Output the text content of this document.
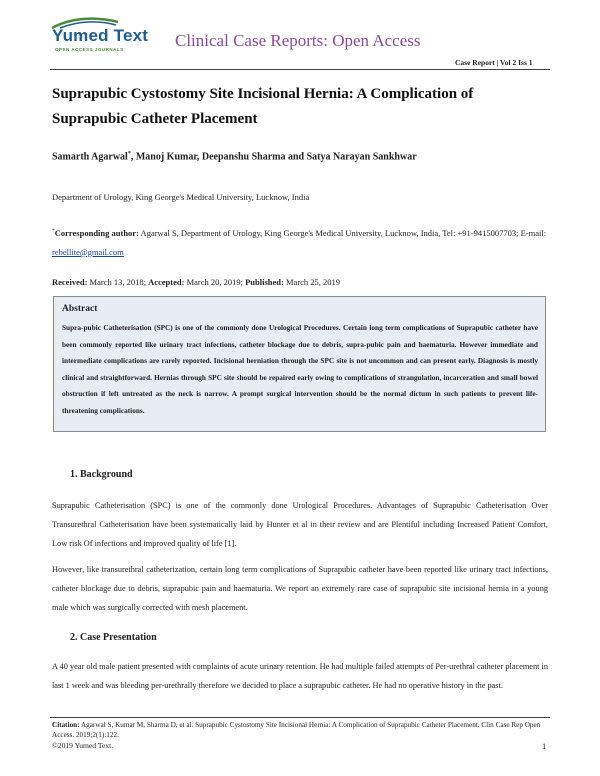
Yumed Text
OPEN ACCESS JOURNALS	Clinical Case Reports: Open Access
Case Report | Vol 2 Iss 1
Suprapubic Cystostomy Site Incisional Hernia: A Complication of Suprapubic Catheter Placement
Samarth Agarwal*, Manoj Kumar, Deepanshu Sharma and Satya Narayan Sankhwar
Department of Urology, King George's Medical University, Lucknow, India
*Corresponding author: Agarwal S, Department of Urology, King George's Medical University, Lucknow, India, Tel: +91-9415007703; E-mail: rebellite@gmail.com
Received: March 13, 2018; Accepted: March 20, 2019; Published: March 25, 2019
Abstract
Supra-pubic Catheterisation (SPC) is one of the commonly done Urological Procedures. Certain long term complications of Suprapubic catheter have been commonly reported like urinary tract infections, catheter blockage due to debris, supra-pubic pain and haematuria. However immediate and intermediate complications are rarely reported. Incisional herniation through the SPC site is not uncommon and can present early. Diagnosis is mostly clinical and straightforward. Hernias through SPC site should be repaired early owing to complications of strangulation, incarceration and small bowel obstruction if left untreated as the neck is narrow. A prompt surgical intervention should be the normal dictum in such patients to prevent life-threatening complications.
1. Background
Suprapubic Catheterisation (SPC) is one of the commonly done Urological Procedures. Advantages of Suprapubic Catheterisation Over Transurethral Catheterisation have been systematically laid by Hunter et al in their review and are Plentiful including Increased Patient Comfort, Low risk Of infections and improved quality of life [1].
However, like transurethral catheterization, certain long term complications of Suprapubic catheter have been reported like urinary tract infections, catheter blockage due to debris, suprapubic pain and haematuria. We report an extremely rare case of suprapubic site incisional hernia in a young male which was surgically corrected with mesh placement.
2. Case Presentation
A 40 year old male patient presented with complaints of acute urinary retention. He had multiple failed attempts of Per-urethral catheter placement in last 1 week and was bleeding per-urethrally therefore we decided to place a suprapubic catheter. He had no operative history in the past.
Citation: Agarwal S, Kumar M, Sharma D, et al. Suprapubic Cystostomy Site Incisional Hernia: A Complication of Suprapubic Catheter Placement. Clin Case Rep Open Access. 2019;2(1):122.
©2019 Yumed Text.	1
